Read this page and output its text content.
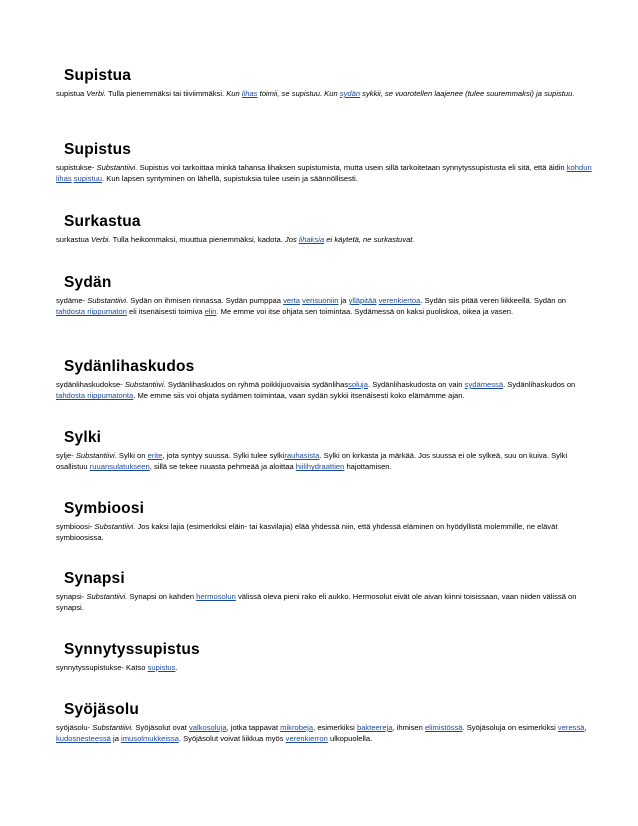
Supistua

supistua Verbi. Tulla pienemmäksi tai tiiviimmäksi. Kun lihas toimii, se supistuu. Kun sydän sykkii, se vuorotellen laajenee (tulee suuremmaksi) ja supistuu.

Supistus

supistukse- Substantiivi. Supistus voi tarkoittaa minkä tahansa lihaksen supistumista, mutta usein sillä tarkoitetaan synnytyssupistusta eli sitä, että äidin kohdun lihas supistuu. Kun lapsen syntyminen on lähellä, supistuksia tulee usein ja säännöllisesti.

Surkastua

surkastua Verbi. Tulla heikommaksi, muuttua pienemmäksi, kadota. Jos lihaksia ei käytetä, ne surkastuvat.

Sydän

sydäme- Substantiivi. Sydän on ihmisen rinnassa. Sydän pumppaa verta verisuoniin ja ylläpitää verenkiertoa. Sydän siis pitää veren liikkeellä. Sydän on tahdosta riippumaton eli itsenäisesti toimiva elin. Me emme voi itse ohjata sen toimintaa. Sydämessä on kaksi puoliskoa, oikea ja vasen.

Sydänlihaskudos

sydänlihaskudokse- Substantiivi. Sydänlihaskudos on ryhmä poikkijuovaisia sydänlihassoluja. Sydänlihaskudosta on vain sydämessä. Sydänlihaskudos on tahdosta riippumatonta. Me emme siis voi ohjata sydämen toimintaa, vaan sydän sykkii itsenäisesti koko elämämme ajan.

Sylki

sylje- Substantiivi. Sylki on erite, jota syntyy suussa. Sylki tulee sylkirauhasista. Sylki on kirkasta ja märkää. Jos suussa ei ole sylkeä, suu on kuiva. Sylki osallistuu ruuansulatukseen, sillä se tekee ruuasta pehmeää ja aloittaa hiilihydraattien hajottamisen.

Symbioosi

symbioosi- Substantiivi. Jos kaksi lajia (esimerkiksi eläin- tai kasvilajia) elää yhdessä niin, että yhdessä eläminen on hyödyllistä molemmille, ne elävät symbioosissa.

Synapsi

synapsi- Substantiivi. Synapsi on kahden hermosolun välissä oleva pieni rako eli aukko. Hermosolut eivät ole aivan kiinni toisissaan, vaan niiden välissä on synapsi.

Synnytyssupistus

synnytyssupistukse- Katso supistus.

Syöjäsolu

syöjäsolu- Substantiivi. Syöjäsolut ovat valkosoluja, jotka tappavat mikrobeja, esimerkiksi bakteereja, ihmisen elimistössä. Syöjäsoluja on esimerkiksi veressä, kudosnesteessä ja imusolmukkeissa. Syöjäsolut voivat liikkua myös verenkierron ulkopuolella.
